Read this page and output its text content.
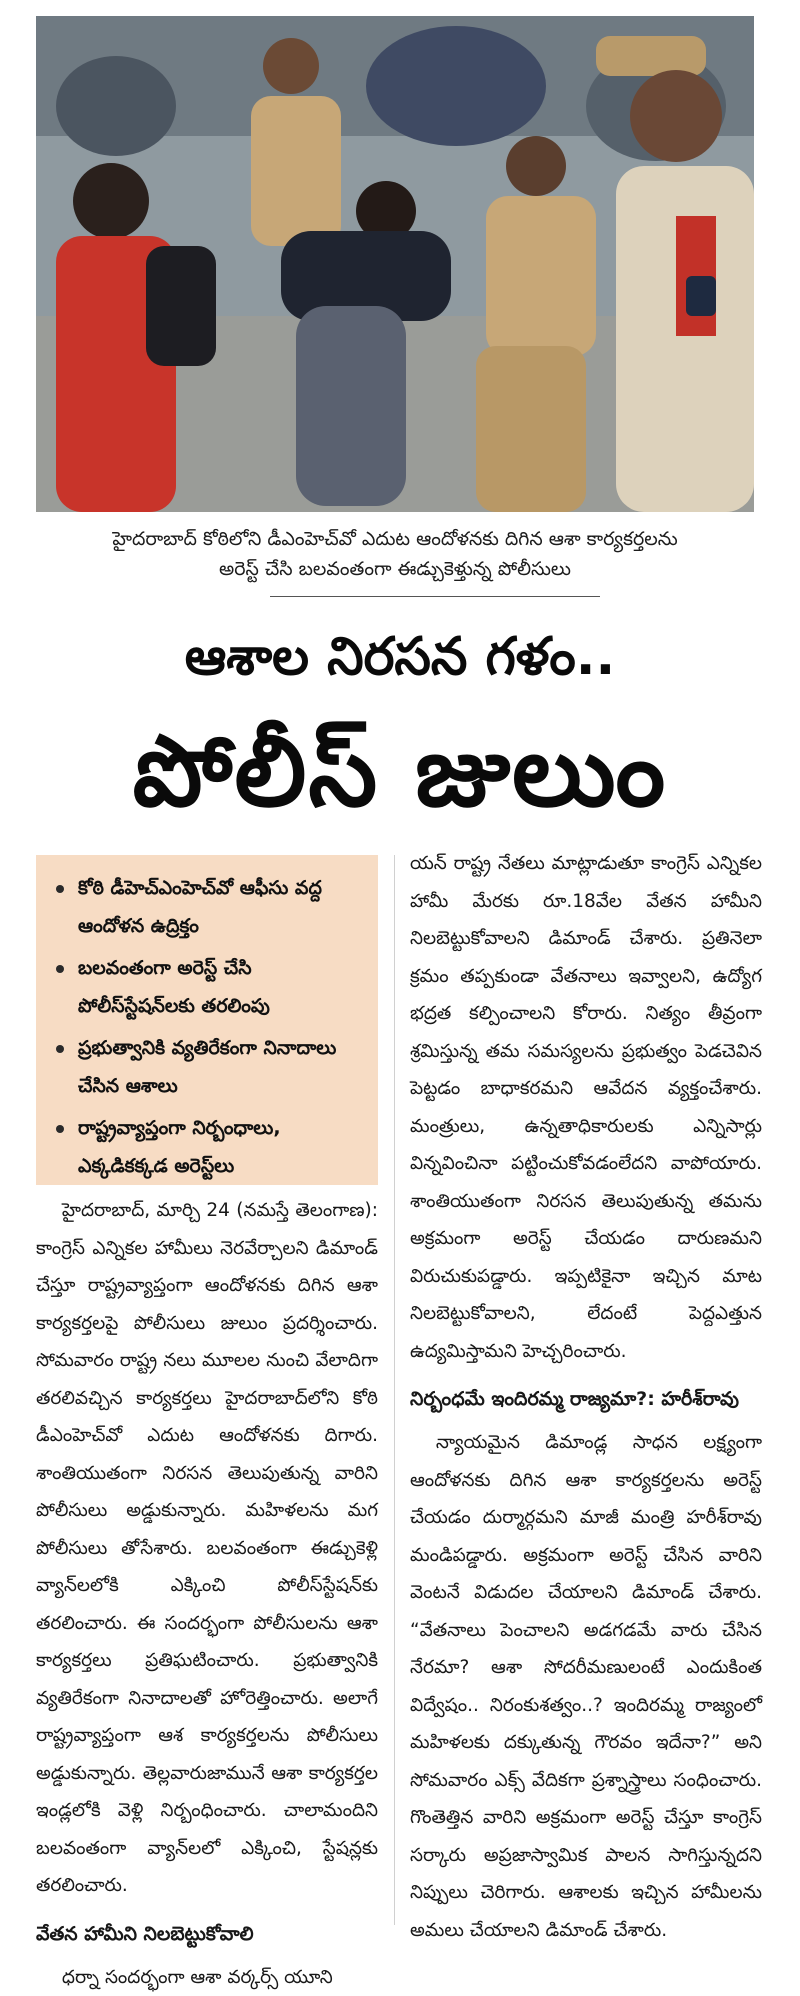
హైదరాబాద్ కోఠిలోని డీఎంహెచ్‌వో ఎదుట ఆందోళనకు దిగిన ఆశా కార్యకర్తలను
అరెస్ట్ చేసి బలవంతంగా ఈడ్చుకెళ్తున్న పోలీసులు
ఆశాల నిరసన గళం..
పోలీస్ జులుం
కోఠి డీహెచ్‌ఎంహెచ్‌వో ఆఫీసు వద్ద ఆందోళన ఉద్రిక్తం
బలవంతంగా అరెస్ట్ చేసి పోలీస్‌స్టేషన్‌లకు తరలింపు
ప్రభుత్వానికి వ్యతిరేకంగా నినాదాలు చేసిన ఆశాలు
రాష్ట్రవ్యాప్తంగా నిర్బంధాలు, ఎక్కడికక్కడ అరెస్ట్‌లు

హైదరాబాద్, మార్చి 24 (నమస్తే తెలంగాణ): కాంగ్రెస్ ఎన్నికల హామీలు నెరవేర్చాలని డిమాండ్ చేస్తూ రాష్ట్రవ్యాప్తంగా ఆందోళనకు దిగిన ఆశా కార్యకర్తలపై పోలీసులు జులుం ప్రదర్శించారు. సోమవారం రాష్ట్ర నలు మూలల నుంచి వేలాదిగా తరలివచ్చిన కార్యకర్తలు హైదరాబాద్‌లోని కోఠి డీఎంహెచ్‌వో ఎదుట ఆందోళనకు దిగారు. శాంతియుతంగా నిరసన తెలుపుతున్న వారిని పోలీసులు అడ్డుకున్నారు. మహిళలను మగ పోలీసులు తోసేశారు. బలవంతంగా ఈడ్చుకెళ్లి వ్యాన్‌లలోకి ఎక్కించి పోలీస్‌స్టేషన్‌కు తరలించారు. ఈ సందర్భంగా పోలీసులను ఆశా కార్యకర్తలు ప్రతిఘటించారు. ప్రభుత్వానికి వ్యతిరేకంగా నినాదాలతో హోరెత్తించారు. అలాగే రాష్ట్రవ్యాప్తంగా ఆశ కార్యకర్తలను పోలీసులు అడ్డుకున్నారు. తెల్లవారుజామునే ఆశా కార్యకర్తల ఇండ్లలోకి వెళ్లి నిర్బంధించారు. చాలామందిని బలవంతంగా వ్యాన్‌లలో ఎక్కించి, స్టేషన్లకు తరలించారు.

వేతన హామీని నిలబెట్టుకోవాలి

ధర్నా సందర్భంగా ఆశా వర్కర్స్ యూని

యన్ రాష్ట్ర నేతలు మాట్లాడుతూ కాంగ్రెస్ ఎన్నికల హామీ మేరకు రూ.18వేల వేతన హామీని నిలబెట్టుకోవాలని డిమాండ్ చేశారు. ప్రతినెలా క్రమం తప్పకుండా వేతనాలు ఇవ్వాలని, ఉద్యోగ భద్రత కల్పించాలని కోరారు. నిత్యం తీవ్రంగా శ్రమిస్తున్న తమ సమస్యలను ప్రభుత్వం పెడచెవిన పెట్టడం బాధాకరమని ఆవేదన వ్యక్తంచేశారు. మంత్రులు, ఉన్నతాధికారులకు ఎన్నిసార్లు విన్నవించినా పట్టించుకోవడంలేదని వాపోయారు. శాంతియుతంగా నిరసన తెలుపుతున్న తమను అక్రమంగా అరెస్ట్ చేయడం దారుణమని విరుచుకుపడ్డారు. ఇప్పటికైనా ఇచ్చిన మాట నిలబెట్టుకోవాలని, లేదంటే పెద్దఎత్తున ఉద్యమిస్తామని హెచ్చరించారు.

నిర్బంధమే ఇందిరమ్మ రాజ్యమా?: హరీశ్‌రావు

న్యాయమైన డిమాండ్ల సాధన లక్ష్యంగా ఆందోళనకు దిగిన ఆశా కార్యకర్తలను అరెస్ట్ చేయడం దుర్మార్గమని మాజీ మంత్రి హరీశ్‌రావు మండిపడ్డారు. అక్రమంగా అరెస్ట్ చేసిన వారిని వెంటనే విడుదల చేయాలని డిమాండ్ చేశారు. “వేతనాలు పెంచాలని అడగడమే వారు చేసిన నేరమా? ఆశా సోదరీమణులంటే ఎందుకింత విద్వేషం.. నిరంకుశత్వం..? ఇందిరమ్మ రాజ్యంలో మహిళలకు దక్కుతున్న గౌరవం ఇదేనా?” అని సోమవారం ఎక్స్ వేదికగా ప్రశ్నాస్త్రాలు సంధించారు. గొంతెత్తిన వారిని అక్రమంగా అరెస్ట్ చేస్తూ కాంగ్రెస్ సర్కారు అప్రజాస్వామిక పాలన సాగిస్తున్నదని నిప్పులు చెరిగారు. ఆశాలకు ఇచ్చిన హామీలను అమలు చేయాలని డిమాండ్ చేశారు.
